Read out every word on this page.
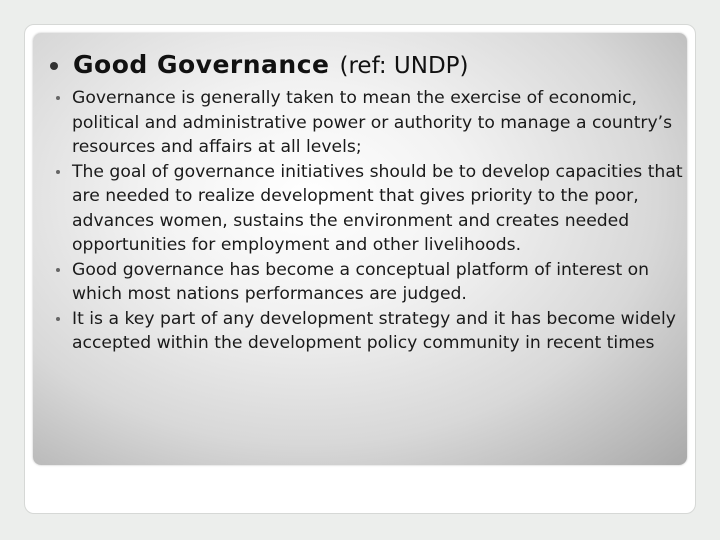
Good Governance (ref: UNDP)
Governance is generally taken to mean the exercise of economic, political and administrative power or authority to manage a country’s resources and affairs at all levels;
The goal of governance initiatives should be to develop capacities that are needed to realize development that gives priority to the poor, advances women, sustains the environment and creates needed opportunities for employment and other livelihoods.
Good governance has become a conceptual platform of interest on which most nations performances are judged.
It is a key part of any development strategy and it has become widely accepted within the development policy community in recent times
